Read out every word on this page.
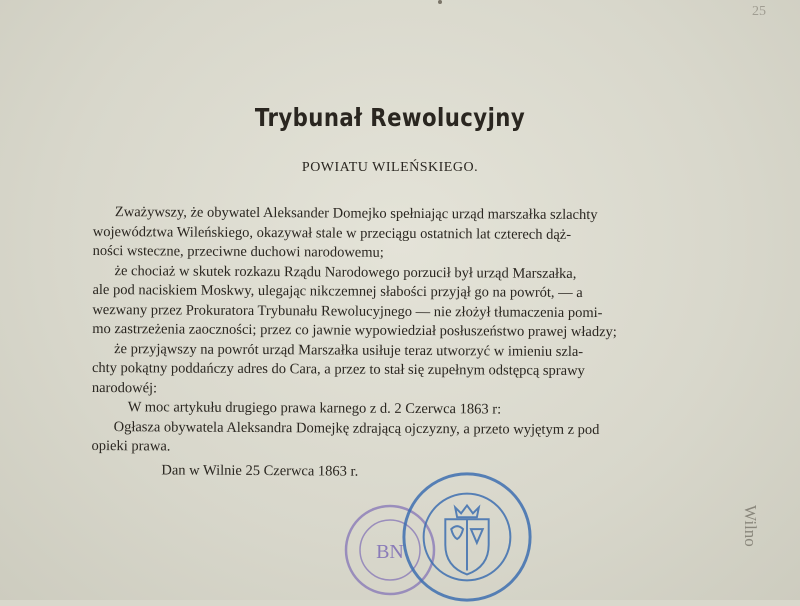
25
Trybunał Rewolucyjny
POWIATU WILEŃSKIEGO.
Zważywszy, że obywatel Aleksander Domejko spełniając urząd marszałka szlachty
województwa Wileńskiego, okazywał stale w przeciągu ostatnich lat czterech dąż-
ności wsteczne, przeciwne duchowi narodowemu;
że chociaż w skutek rozkazu Rządu Narodowego porzucił był urząd Marszałka,
ale pod naciskiem Moskwy, ulegając nikczemnej słabości przyjął go na powrót, — a
wezwany przez Prokuratora Trybunału Rewolucyjnego — nie złożył tłumaczenia pomi-
mo zastrzeżenia zaoczności; przez co jawnie wypowiedział posłuszeństwo prawej władzy;
że przyjąwszy na powrót urząd Marszałka usiłuje teraz utworzyć w imieniu szla-
chty pokątny poddańczy adres do Cara, a przez to stał się zupełnym odstępcą sprawy
narodowéj:
W moc artykułu drugiego prawa karnego z d. 2 Czerwca 1863 r:
Ogłasza obywatela Aleksandra Domejkę zdrającą ojczyzny, a przeto wyjętym z pod
opieki prawa.
Dan w Wilnie 25 Czerwca 1863 r.
BN
Wilno
